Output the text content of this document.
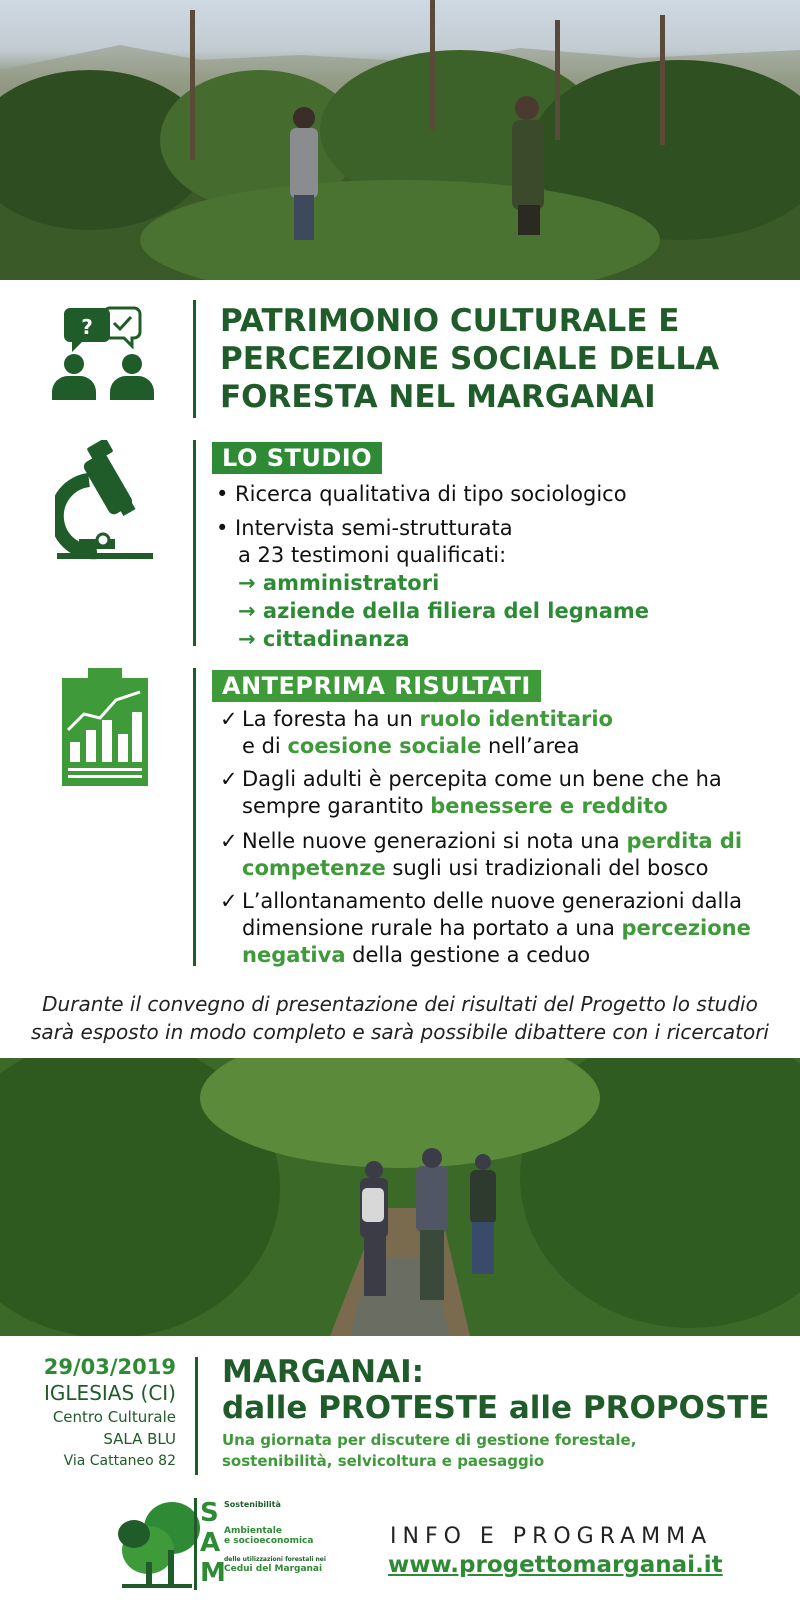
?	PATRIMONIO CULTURALE E

PERCEZIONE SOCIALE DELLA

FORESTA NEL MARGANAI

LO STUDIO
• Ricerca qualitativa di tipo sociologico
• Intervista semi-strutturata
a 23 testimoni qualificati:
→ amministratori
→ aziende della filiera del legname
→ cittadinanza
ANTEPRIMA RISULTATI
✓ La foresta ha un ruolo identitario
e di coesione sociale nell’area
✓ Dagli adulti è percepita come un bene che ha
sempre garantito benessere e reddito
✓ Nelle nuove generazioni si nota una perdita di
competenze sugli usi tradizionali del bosco
✓ L’allontanamento delle nuove generazioni dalla
dimensione rurale ha portato a una percezione
negativa della gestione a ceduo
Durante il convegno di presentazione dei risultati del Progetto lo studio
sarà esposto in modo completo e sarà possibile dibattere con i ricercatori
29/03/2019
IGLESIAS (CI)
Centro Culturale
SALA BLU
Via Cattaneo 82
MARGANAI:
dalle PROTESTE alle PROPOSTE
Una giornata per discutere di gestione forestale,
sostenibilità, selvicoltura e paesaggio
S
A
M
Sostenibilità
Ambientale
e socioeconomica
delle utilizzazioni forestali nei
Cedui del Marganai
INFO E PROGRAMMA
www.progettomarganai.it
